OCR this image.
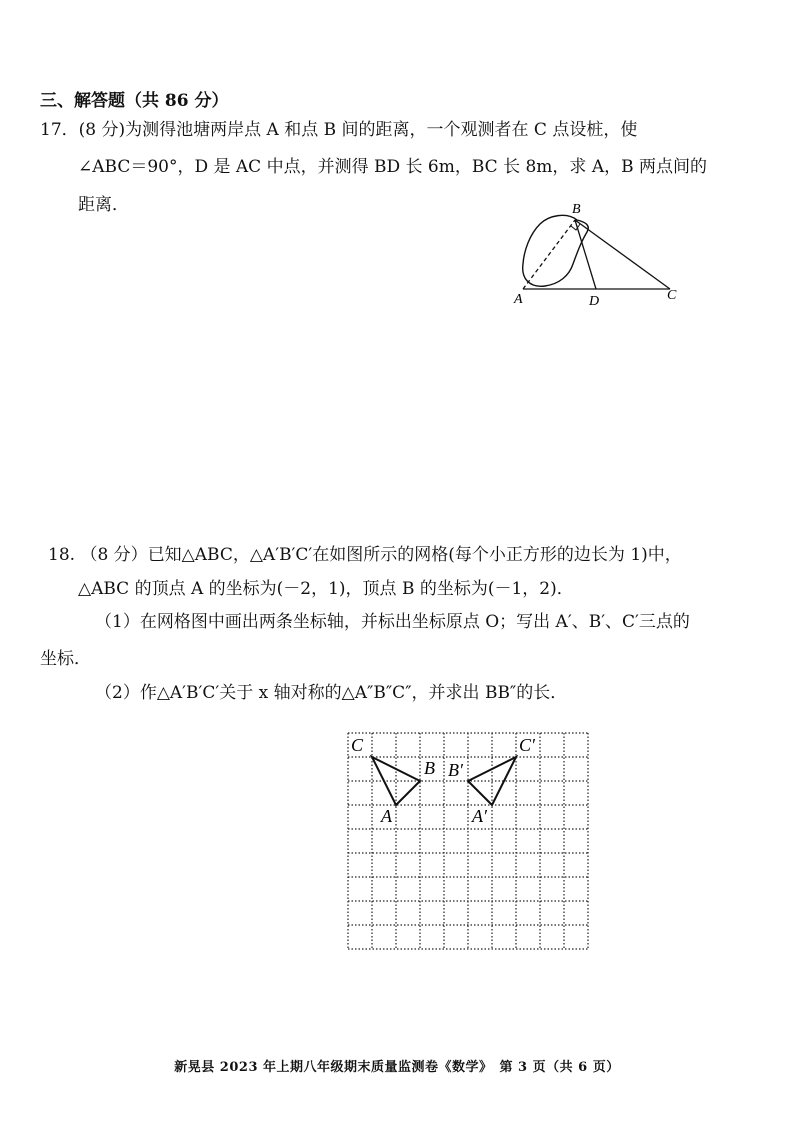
三、解答题（共 86 分）
17．(8 分)为测得池塘两岸点 A 和点 B 间的距离，一个观测者在 C 点设桩，使
∠ABC＝90°，D 是 AC 中点，并测得 BD 长 6m，BC 长 8m，求 A，B 两点间的
距离．	B
A	D	C
18. （8 分）已知△ABC，△A′B′C′在如图所示的网格(每个小正方形的边长为 1)中，
△ABC 的顶点 A 的坐标为(－2，1)，顶点 B 的坐标为(－1，2)．
（1）在网格图中画出两条坐标轴，并标出坐标原点 O；写出 A′、B′、C′三点的
坐标．
（2）作△A′B′C′关于 x 轴对称的△A″B″C″，并求出 BB″的长．
C
B
A
B′
C′
A′
新晃县 2023 年上期八年级期末质量监测卷《数学》　第 3 页（共 6 页）
